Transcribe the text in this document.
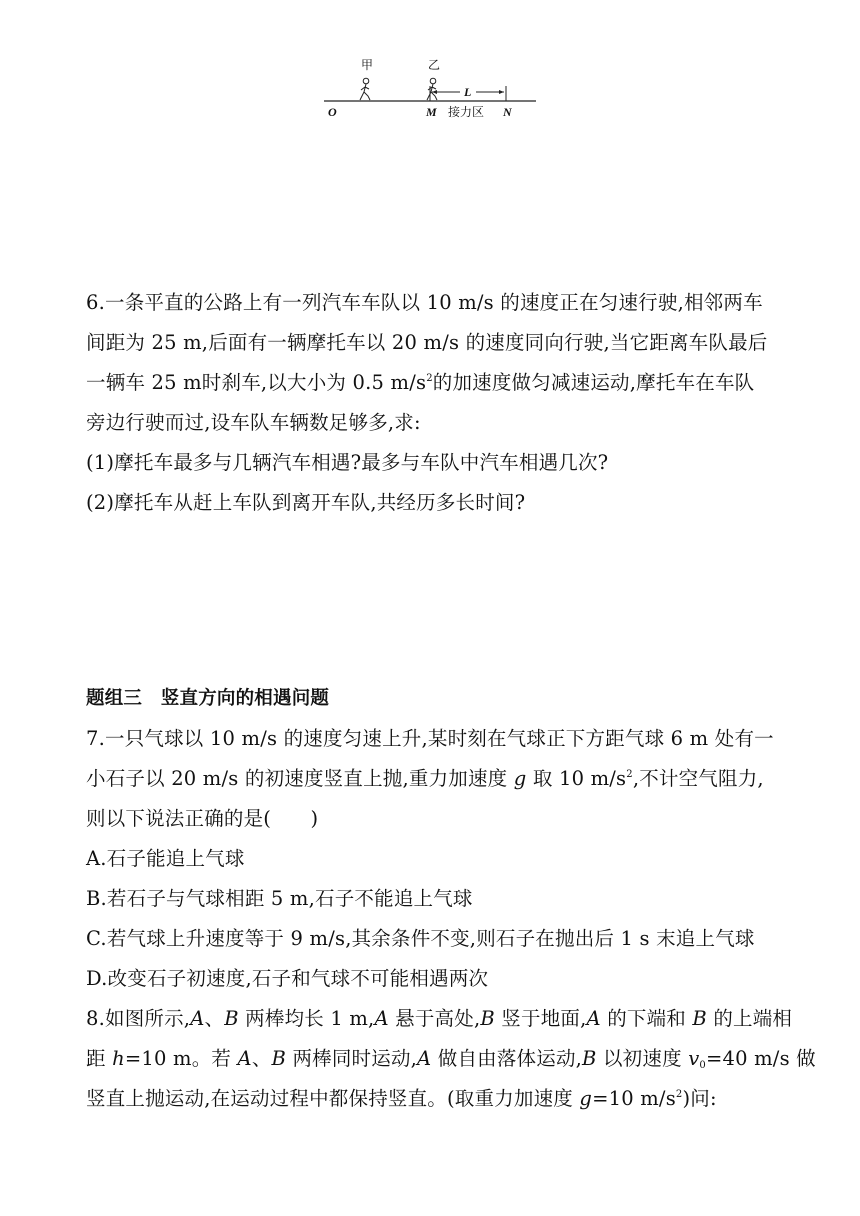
甲	乙
L
O	M 接力区 N
6.一条平直的公路上有一列汽车车队以 10 m/s 的速度正在匀速行驶,相邻两车
间距为 25 m,后面有一辆摩托车以 20 m/s 的速度同向行驶,当它距离车队最后
一辆车 25 m时刹车,以大小为 0.5 $m/s^2$的加速度做匀减速运动,摩托车在车队
旁边行驶而过,设车队车辆数足够多,求:
(1)摩托车最多与几辆汽车相遇?最多与车队中汽车相遇几次?
(2)摩托车从赶上车队到离开车队,共经历多长时间?
题组三　竖直方向的相遇问题
7.一只气球以 10 m/s 的速度匀速上升,某时刻在气球正下方距气球 6 m 处有一
小石子以 20 m/s 的初速度竖直上抛,重力加速度 g 取 10 $m/s^2$,不计空气阻力,
则以下说法正确的是(　　)
A.石子能追上气球
B.若石子与气球相距 5 m,石子不能追上气球
C.若气球上升速度等于 9 m/s,其余条件不变,则石子在抛出后 1 s 末追上气球
D.改变石子初速度,石子和气球不可能相遇两次
8.如图所示,A、B 两棒均长 1 m,A 悬于高处,B 竖于地面,A 的下端和 B 的上端相
距 h=10 m。若 A、B 两棒同时运动,A 做自由落体运动,B 以初速度 $v_0=40$ m/s 做
竖直上抛运动,在运动过程中都保持竖直。(取重力加速度 g=10 $m/s^2$)问:
